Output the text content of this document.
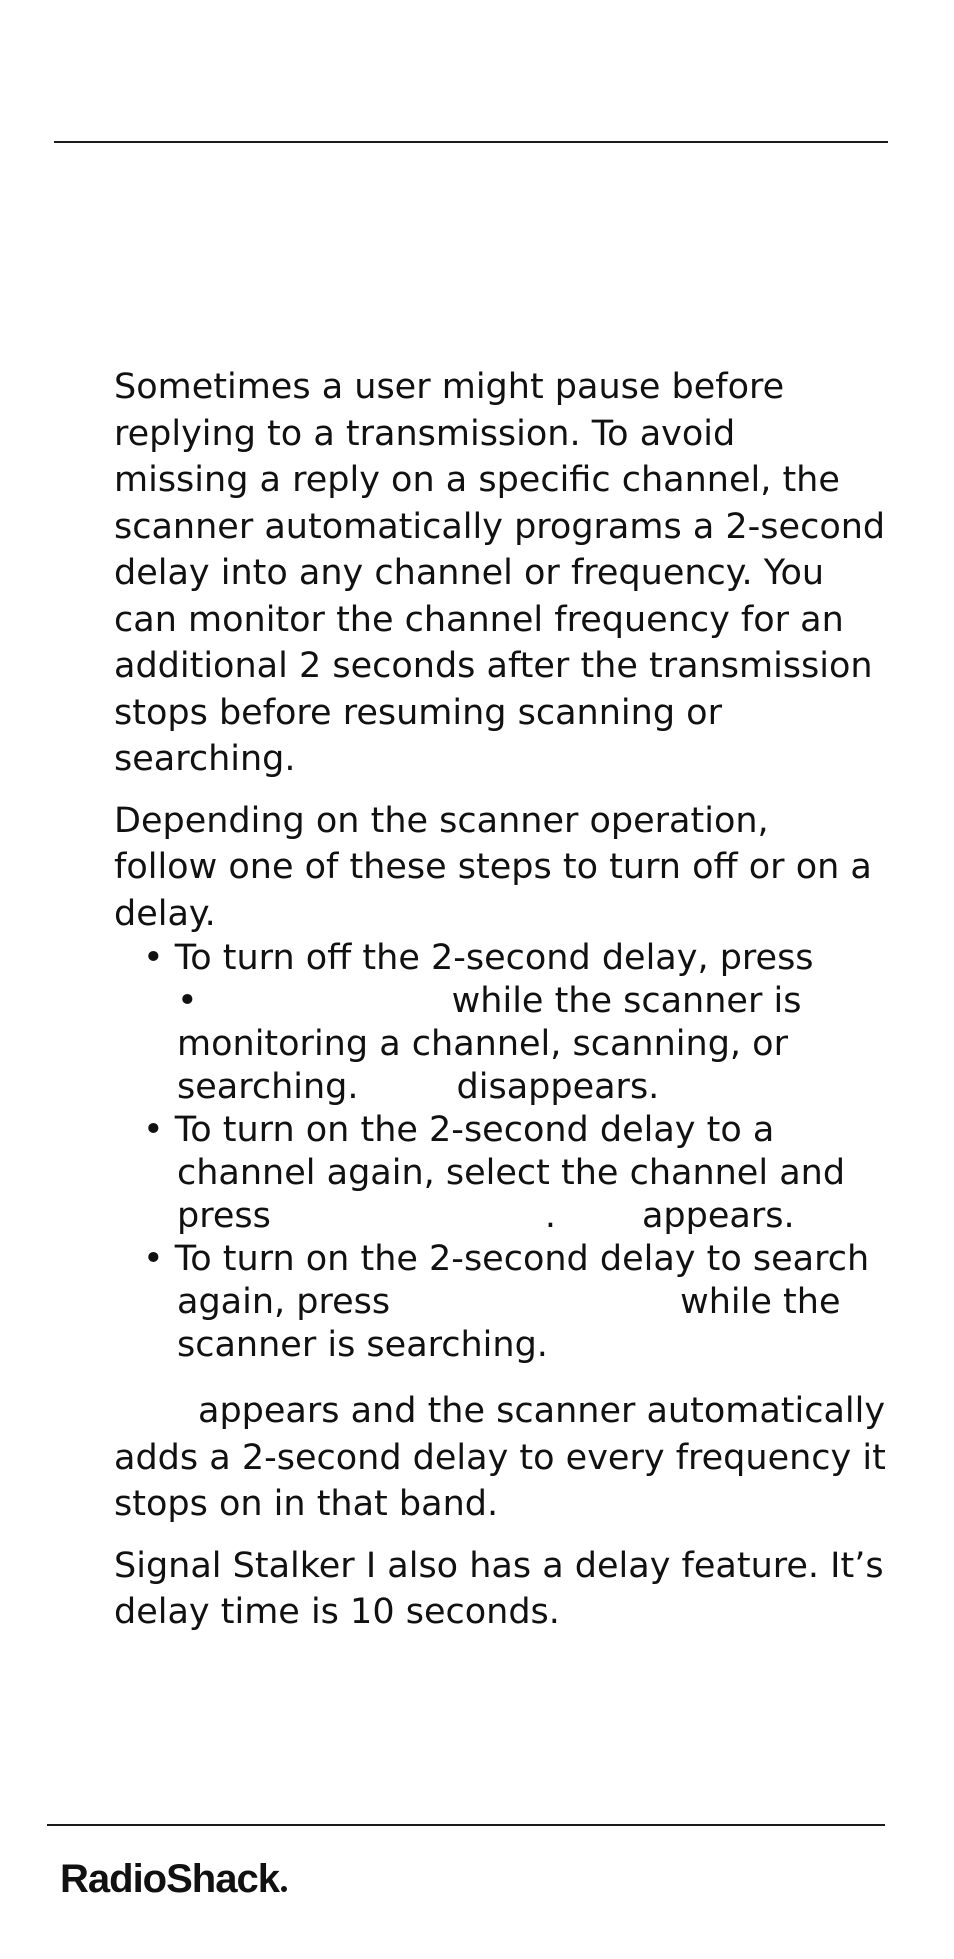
Sometimes a user might pause before
replying to a transmission. To avoid
missing a reply on a specific channel, the
scanner automatically programs a 2-second
delay into any channel or frequency. You
can monitor the channel frequency for an
additional 2 seconds after the transmission
stops before resuming scanning or
searching.
Depending on the scanner operation,
follow one of these steps to turn off or on a
delay.
• To turn off the 2-second delay, press
•	while the scanner is
monitoring a channel, scanning, or
searching.	disappears.
• To turn on the 2-second delay to a
channel again, select the channel and
press	. appears.
• To turn on the 2-second delay to search
again, press	while the
scanner is searching.
appears and the scanner automatically
adds a 2-second delay to every frequency it
stops on in that band.
Signal Stalker I also has a delay feature. It’s
delay time is 10 seconds.
RadioShack
